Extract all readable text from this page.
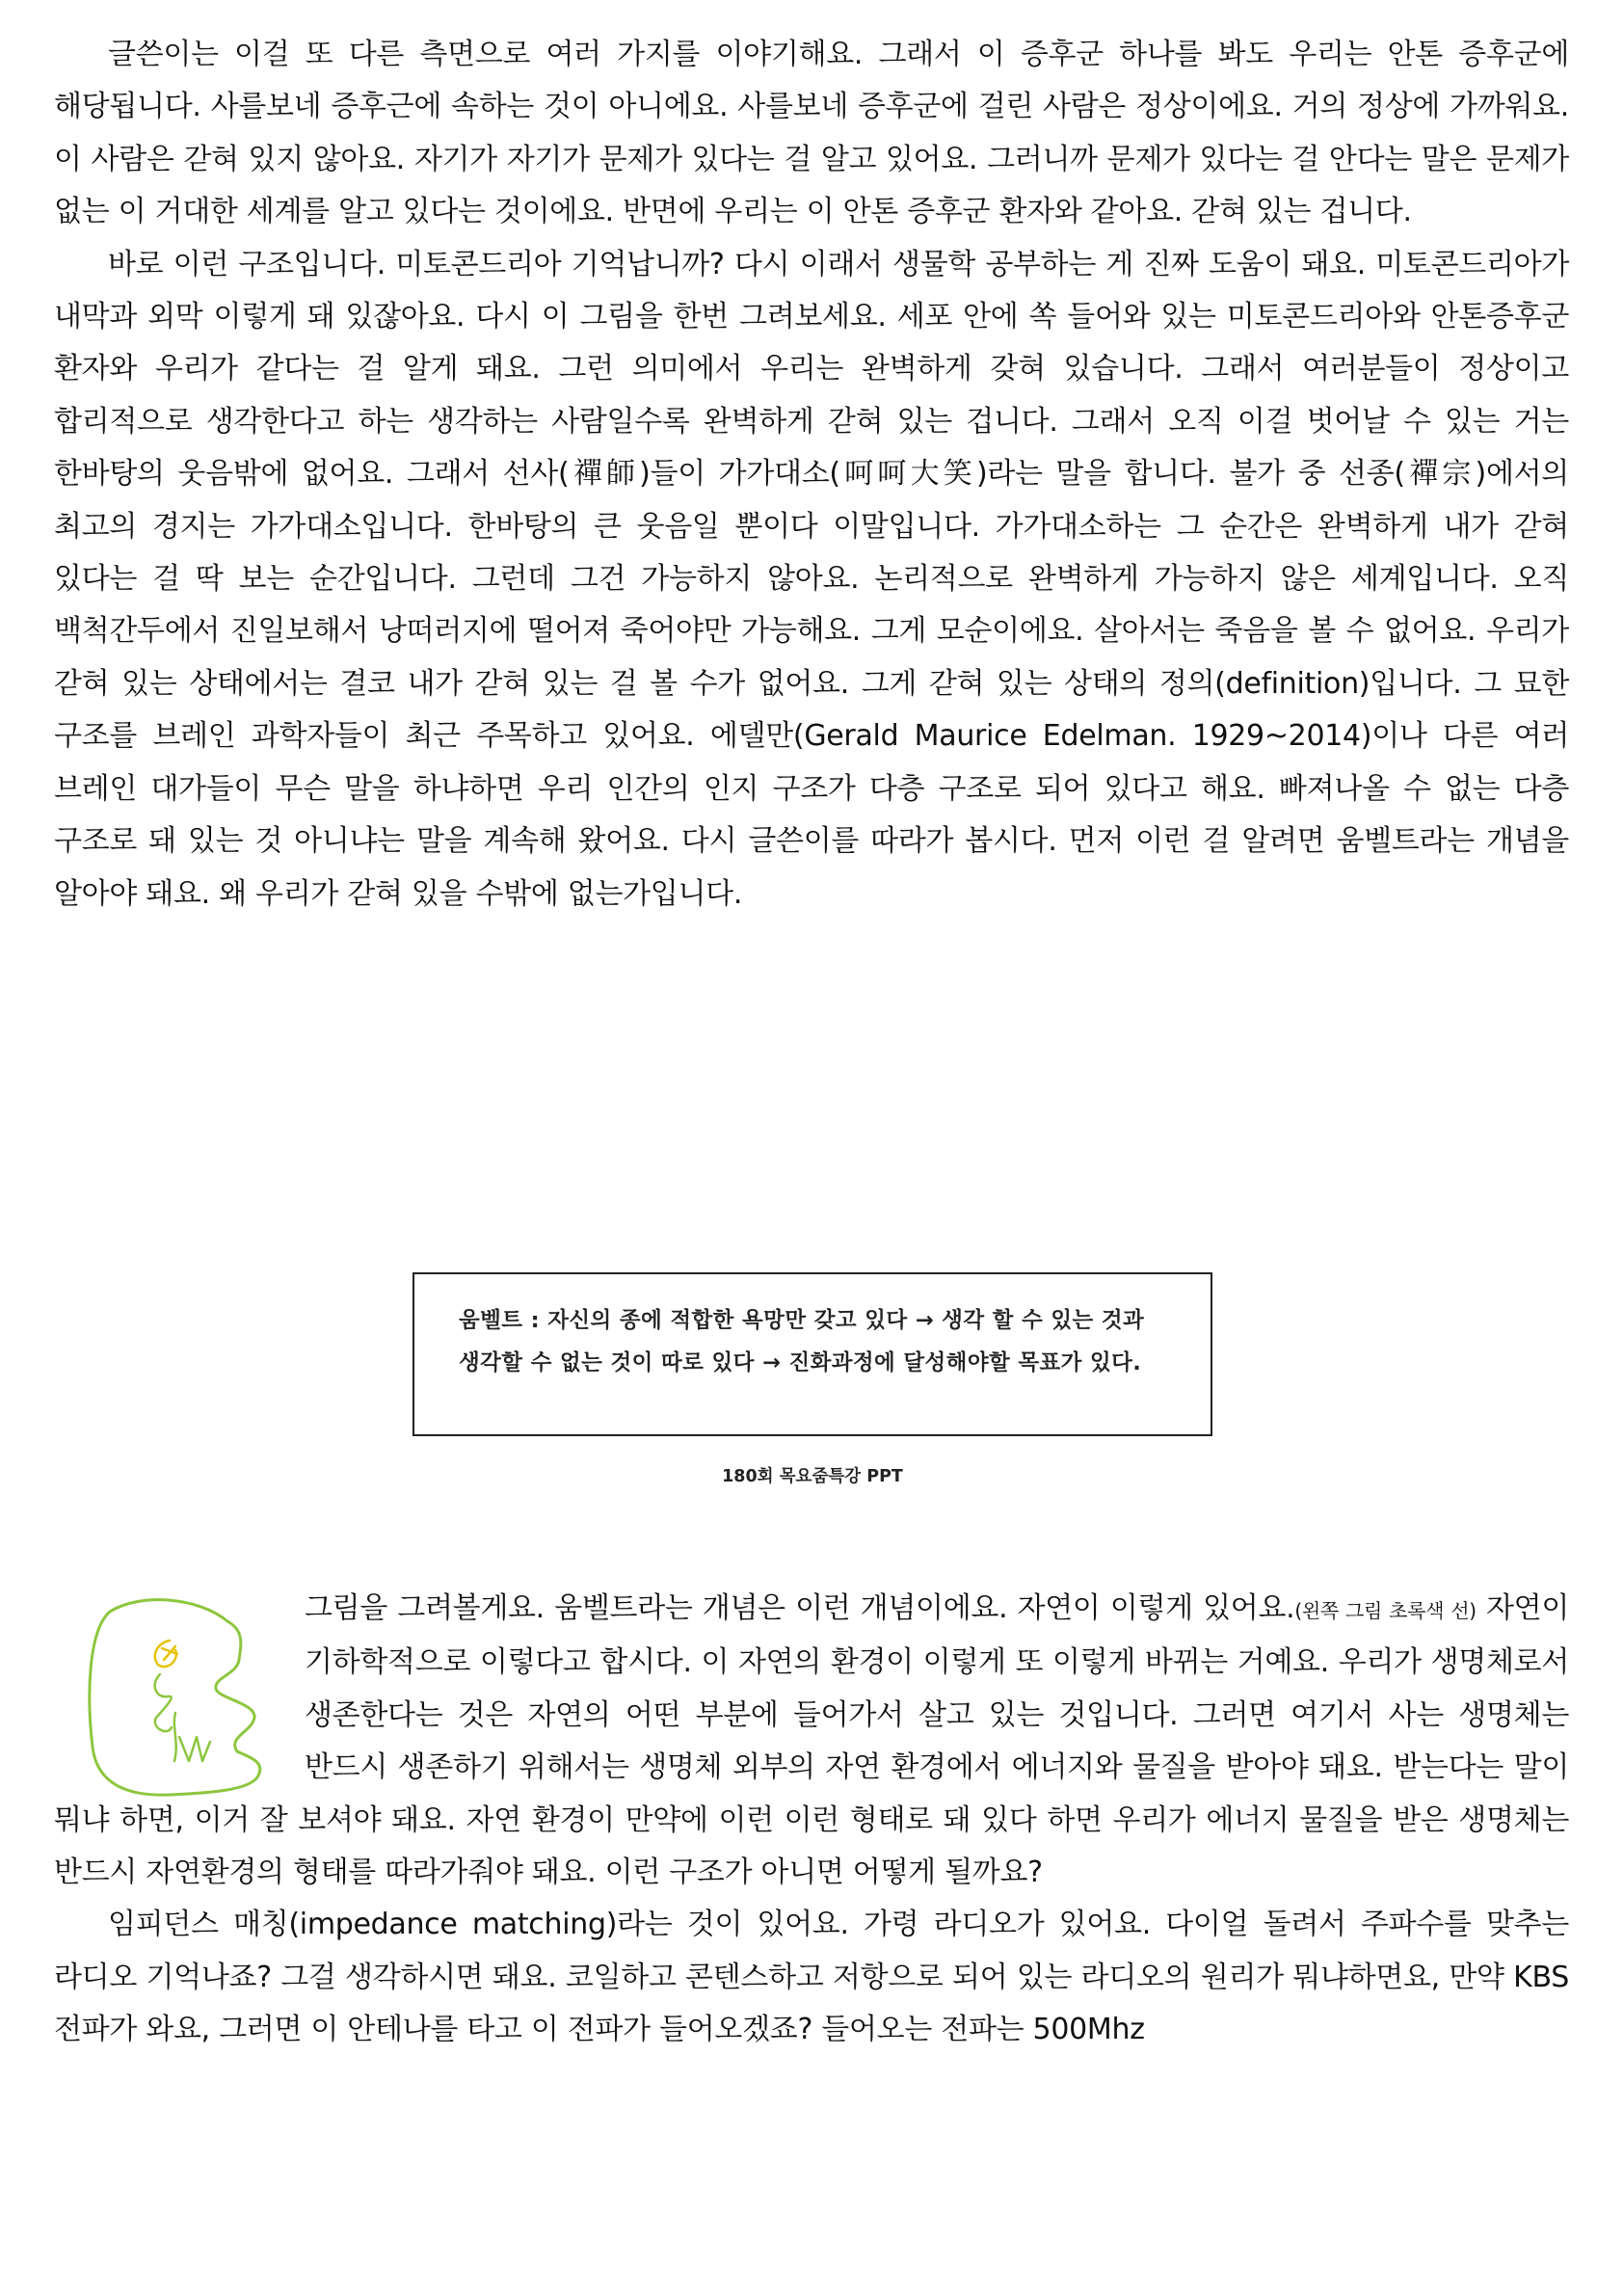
글쓴이는 이걸 또 다른 측면으로 여러 가지를 이야기해요. 그래서 이 증후군 하나를 봐도 우리는 안톤 증후군에 해당됩니다. 사를보네 증후근에 속하는 것이 아니에요. 사를보네 증후군에 걸린 사람은 정상이에요. 거의 정상에 가까워요. 이 사람은 갇혀 있지 않아요. 자기가 자기가 문제가 있다는 걸 알고 있어요. 그러니까 문제가 있다는 걸 안다는 말은 문제가 없는 이 거대한 세계를 알고 있다는 것이에요. 반면에 우리는 이 안톤 증후군 환자와 같아요. 갇혀 있는 겁니다.

바로 이런 구조입니다. 미토콘드리아 기억납니까? 다시 이래서 생물학 공부하는 게 진짜 도움이 돼요. 미토콘드리아가 내막과 외막 이렇게 돼 있잖아요. 다시 이 그림을 한번 그려보세요. 세포 안에 쏙 들어와 있는 미토콘드리아와 안톤증후군 환자와 우리가 같다는 걸 알게 돼요. 그런 의미에서 우리는 완벽하게 갖혀 있습니다. 그래서 여러분들이 정상이고 합리적으로 생각한다고 하는 생각하는 사람일수록 완벽하게 갇혀 있는 겁니다. 그래서 오직 이걸 벗어날 수 있는 거는 한바탕의 웃음밖에 없어요. 그래서 선사(禪師)들이 가가대소(呵呵大笑)라는 말을 합니다. 불가 중 선종(禪宗)에서의 최고의 경지는 가가대소입니다. 한바탕의 큰 웃음일 뿐이다 이말입니다. 가가대소하는 그 순간은 완벽하게 내가 갇혀 있다는 걸 딱 보는 순간입니다. 그런데 그건 가능하지 않아요. 논리적으로 완벽하게 가능하지 않은 세계입니다. 오직 백척간두에서 진일보해서 낭떠러지에 떨어져 죽어야만 가능해요. 그게 모순이에요. 살아서는 죽음을 볼 수 없어요. 우리가 갇혀 있는 상태에서는 결코 내가 갇혀 있는 걸 볼 수가 없어요. 그게 갇혀 있는 상태의 정의(definition)입니다. 그 묘한 구조를 브레인 과학자들이 최근 주목하고 있어요. 에델만(Gerald Maurice Edelman. 1929~2014)이나 다른 여러 브레인 대가들이 무슨 말을 하냐하면 우리 인간의 인지 구조가 다층 구조로 되어 있다고 해요. 빠져나올 수 없는 다층 구조로 돼 있는 것 아니냐는 말을 계속해 왔어요. 다시 글쓴이를 따라가 봅시다. 먼저 이런 걸 알려면 움벨트라는 개념을 알아야 돼요. 왜 우리가 갇혀 있을 수밖에 없는가입니다.

움벨트 : 자신의 종에 적합한 욕망만 갖고 있다 → 생각 할 수 있는 것과 생각할 수 없는 것이 따로 있다 → 진화과정에 달성해야할 목표가 있다.
180회 목요줌특강 PPT

그림을 그려볼게요. 움벨트라는 개념은 이런 개념이에요. 자연이 이렇게 있어요.(왼쪽 그림 초록색 선) 자연이 기하학적으로 이렇다고 합시다. 이 자연의 환경이 이렇게 또 이렇게 바뀌는 거예요. 우리가 생명체로서 생존한다는 것은 자연의 어떤 부분에 들어가서 살고 있는 것입니다. 그러면 여기서 사는 생명체는 반드시 생존하기 위해서는 생명체 외부의 자연 환경에서 에너지와 물질을 받아야 돼요. 받는다는 말이 뭐냐 하면, 이거 잘 보셔야 돼요. 자연 환경이 만약에 이런 이런 형태로 돼 있다 하면 우리가 에너지 물질을 받은 생명체는 반드시 자연환경의 형태를 따라가줘야 돼요. 이런 구조가 아니면 어떻게 될까요?

임피던스 매칭(impedance matching)라는 것이 있어요. 가령 라디오가 있어요. 다이얼 돌려서 주파수를 맞추는 라디오 기억나죠? 그걸 생각하시면 돼요. 코일하고 콘텐스하고 저항으로 되어 있는 라디오의 원리가 뭐냐하면요, 만약 KBS 전파가 와요, 그러면 이 안테나를 타고 이 전파가 들어오겠죠? 들어오는 전파는 500Mhz
